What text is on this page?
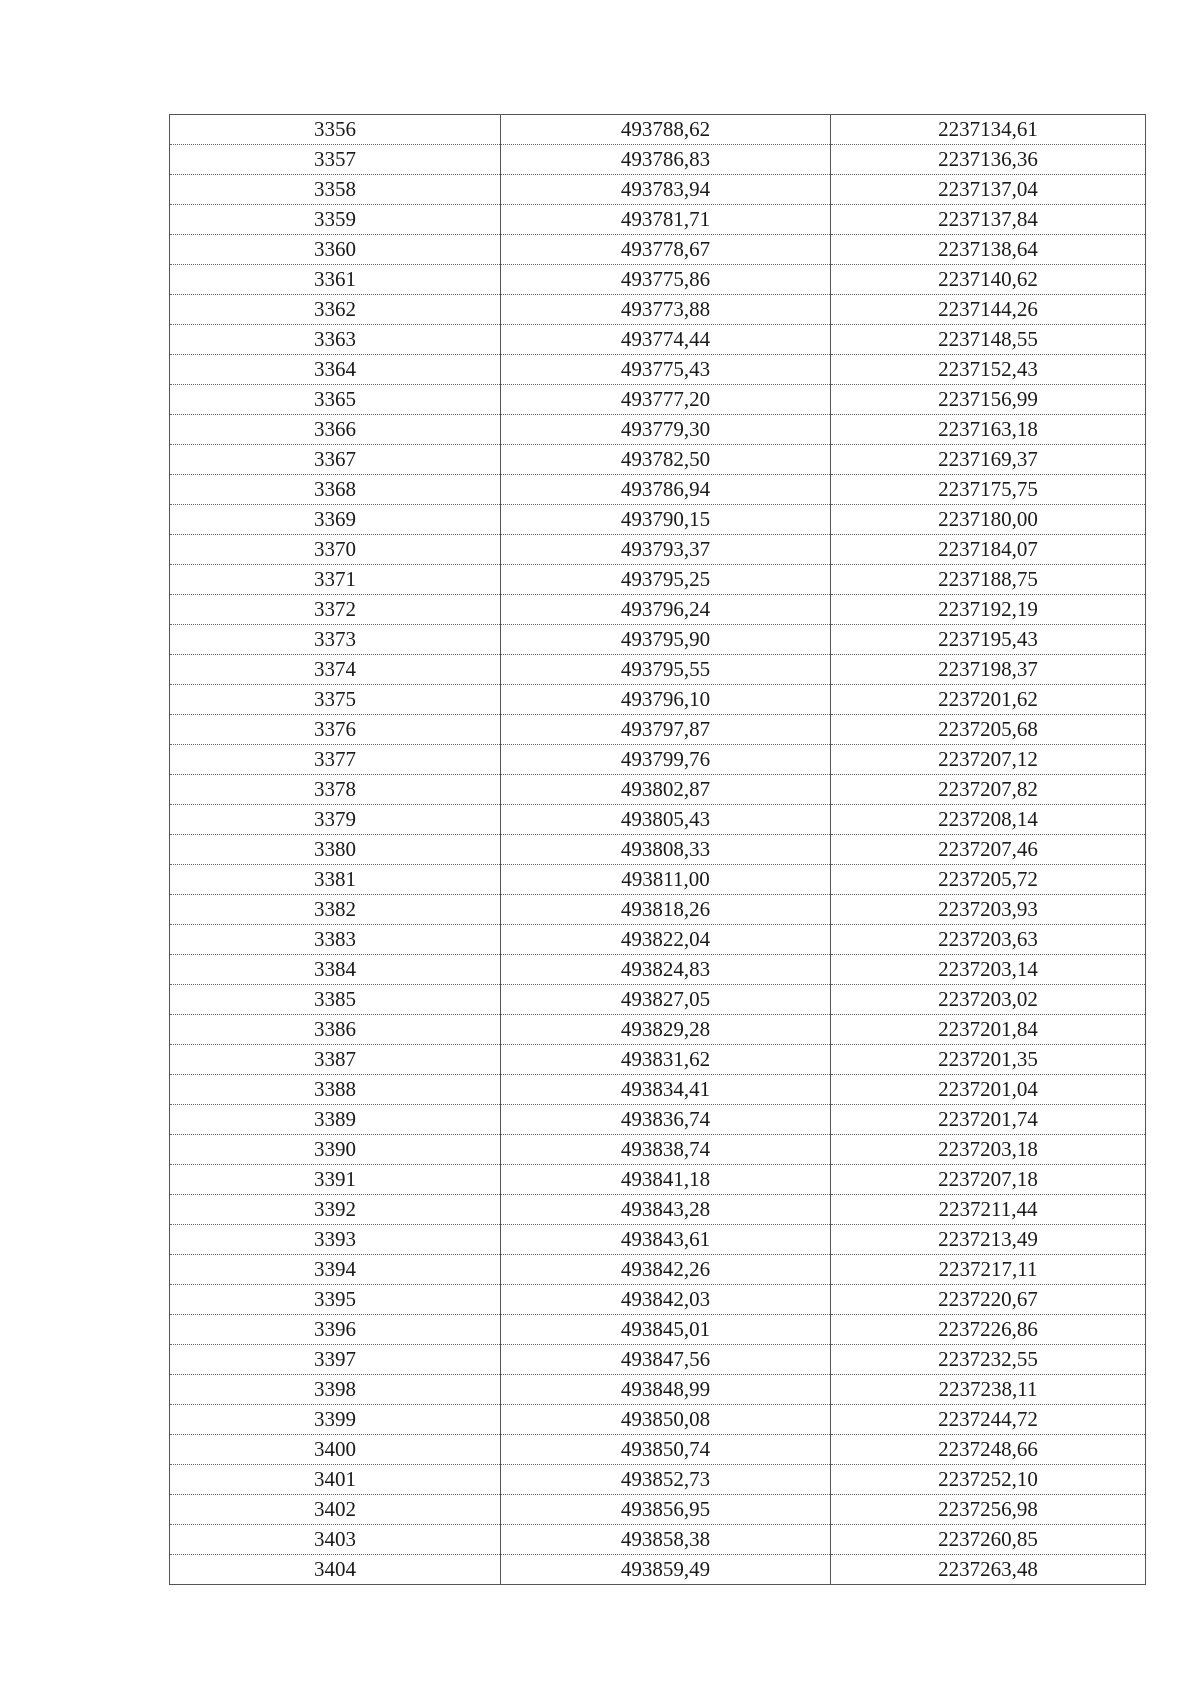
3356	493788,62	2237134,61
3357	493786,83	2237136,36
3358	493783,94	2237137,04
3359	493781,71	2237137,84
3360	493778,67	2237138,64
3361	493775,86	2237140,62
3362	493773,88	2237144,26
3363	493774,44	2237148,55
3364	493775,43	2237152,43
3365	493777,20	2237156,99
3366	493779,30	2237163,18
3367	493782,50	2237169,37
3368	493786,94	2237175,75
3369	493790,15	2237180,00
3370	493793,37	2237184,07
3371	493795,25	2237188,75
3372	493796,24	2237192,19
3373	493795,90	2237195,43
3374	493795,55	2237198,37
3375	493796,10	2237201,62
3376	493797,87	2237205,68
3377	493799,76	2237207,12
3378	493802,87	2237207,82
3379	493805,43	2237208,14
3380	493808,33	2237207,46
3381	493811,00	2237205,72
3382	493818,26	2237203,93
3383	493822,04	2237203,63
3384	493824,83	2237203,14
3385	493827,05	2237203,02
3386	493829,28	2237201,84
3387	493831,62	2237201,35
3388	493834,41	2237201,04
3389	493836,74	2237201,74
3390	493838,74	2237203,18
3391	493841,18	2237207,18
3392	493843,28	2237211,44
3393	493843,61	2237213,49
3394	493842,26	2237217,11
3395	493842,03	2237220,67
3396	493845,01	2237226,86
3397	493847,56	2237232,55
3398	493848,99	2237238,11
3399	493850,08	2237244,72
3400	493850,74	2237248,66
3401	493852,73	2237252,10
3402	493856,95	2237256,98
3403	493858,38	2237260,85
3404	493859,49	2237263,48
